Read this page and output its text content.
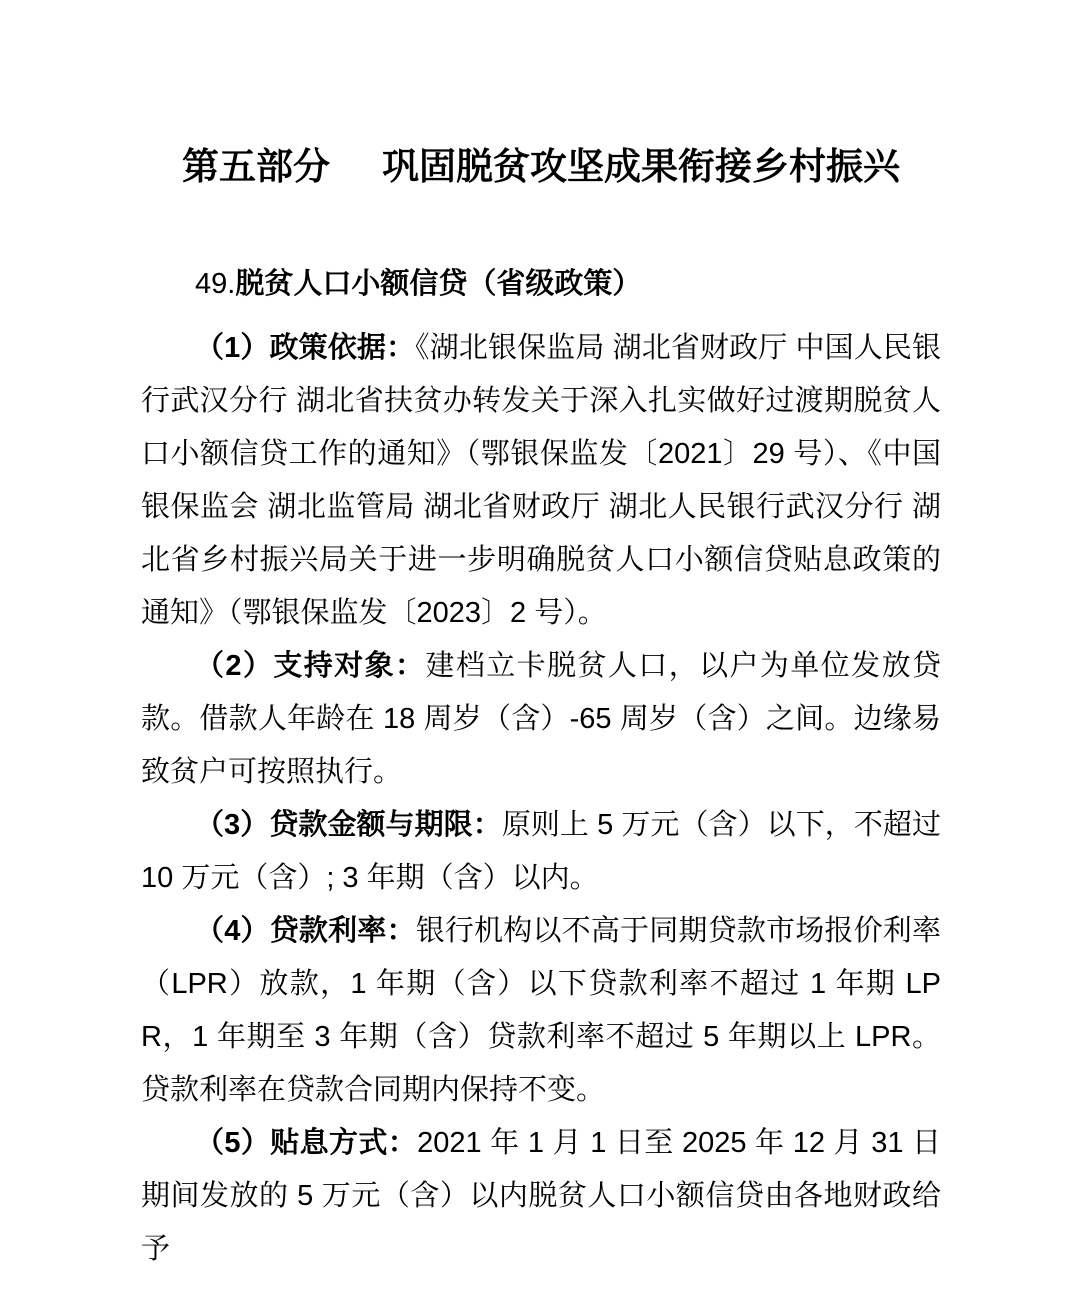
第五部分 巩固脱贫攻坚成果衔接乡村振兴
49.脱贫人口小额信贷（省级政策）

（1）政策依据：《湖北银保监局 湖北省财政厅 中国人民银行武汉分行 湖北省扶贫办转发关于深入扎实做好过渡期脱贫人口小额信贷工作的通知》（鄂银保监发〔2021〕29 号）、《中国银保监会 湖北监管局 湖北省财政厅 湖北人民银行武汉分行 湖北省乡村振兴局关于进一步明确脱贫人口小额信贷贴息政策的通知》（鄂银保监发〔2023〕2 号）。

（2）支持对象：建档立卡脱贫人口，以户为单位发放贷款。借款人年龄在 18 周岁（含）-65 周岁（含）之间。边缘易致贫户可按照执行。

（3）贷款金额与期限：原则上 5 万元（含）以下，不超过 10 万元（含）; 3 年期（含）以内。

（4）贷款利率：银行机构以不高于同期贷款市场报价利率（LPR）放款，1 年期（含）以下贷款利率不超过 1 年期 LPR，1 年期至 3 年期（含）贷款利率不超过 5 年期以上 LPR。贷款利率在贷款合同期内保持不变。

（5）贴息方式：2021 年 1 月 1 日至 2025 年 12 月 31 日期间发放的 5 万元（含）以内脱贫人口小额信贷由各地财政给予
